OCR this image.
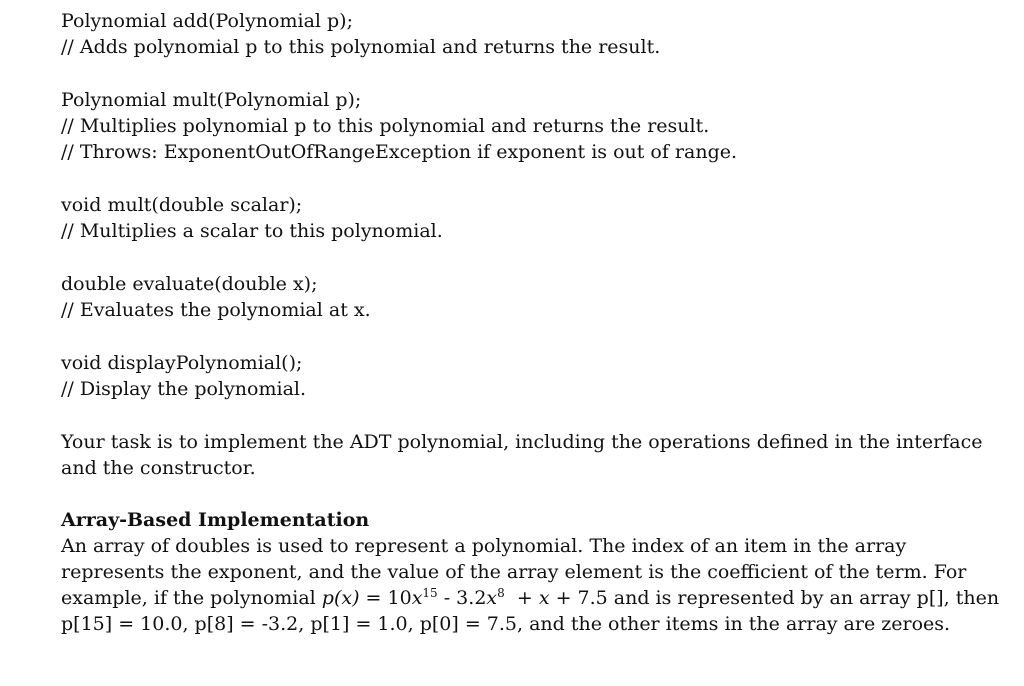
Polynomial add(Polynomial p);

// Adds polynomial p to this polynomial and returns the result.

Polynomial mult(Polynomial p);

// Multiplies polynomial p to this polynomial and returns the result.

// Throws: ExponentOutOfRangeException if exponent is out of range.

void mult(double scalar);

// Multiplies a scalar to this polynomial.

double evaluate(double x);

// Evaluates the polynomial at x.

void displayPolynomial();

// Display the polynomial.

Your task is to implement the ADT polynomial, including the operations defined in the interface
and the constructor.

Array-Based Implementation

An array of doubles is used to represent a polynomial. The index of an item in the array
represents the exponent, and the value of the array element is the coefficient of the term. For
example, if the polynomial $p(x) = 10x^{15} - 3.2x^8 + x + 7.5$ and is represented by an array p[], then
p[15] = 10.0, p[8] = -3.2, p[1] = 1.0, p[0] = 7.5, and the other items in the array are zeroes.
